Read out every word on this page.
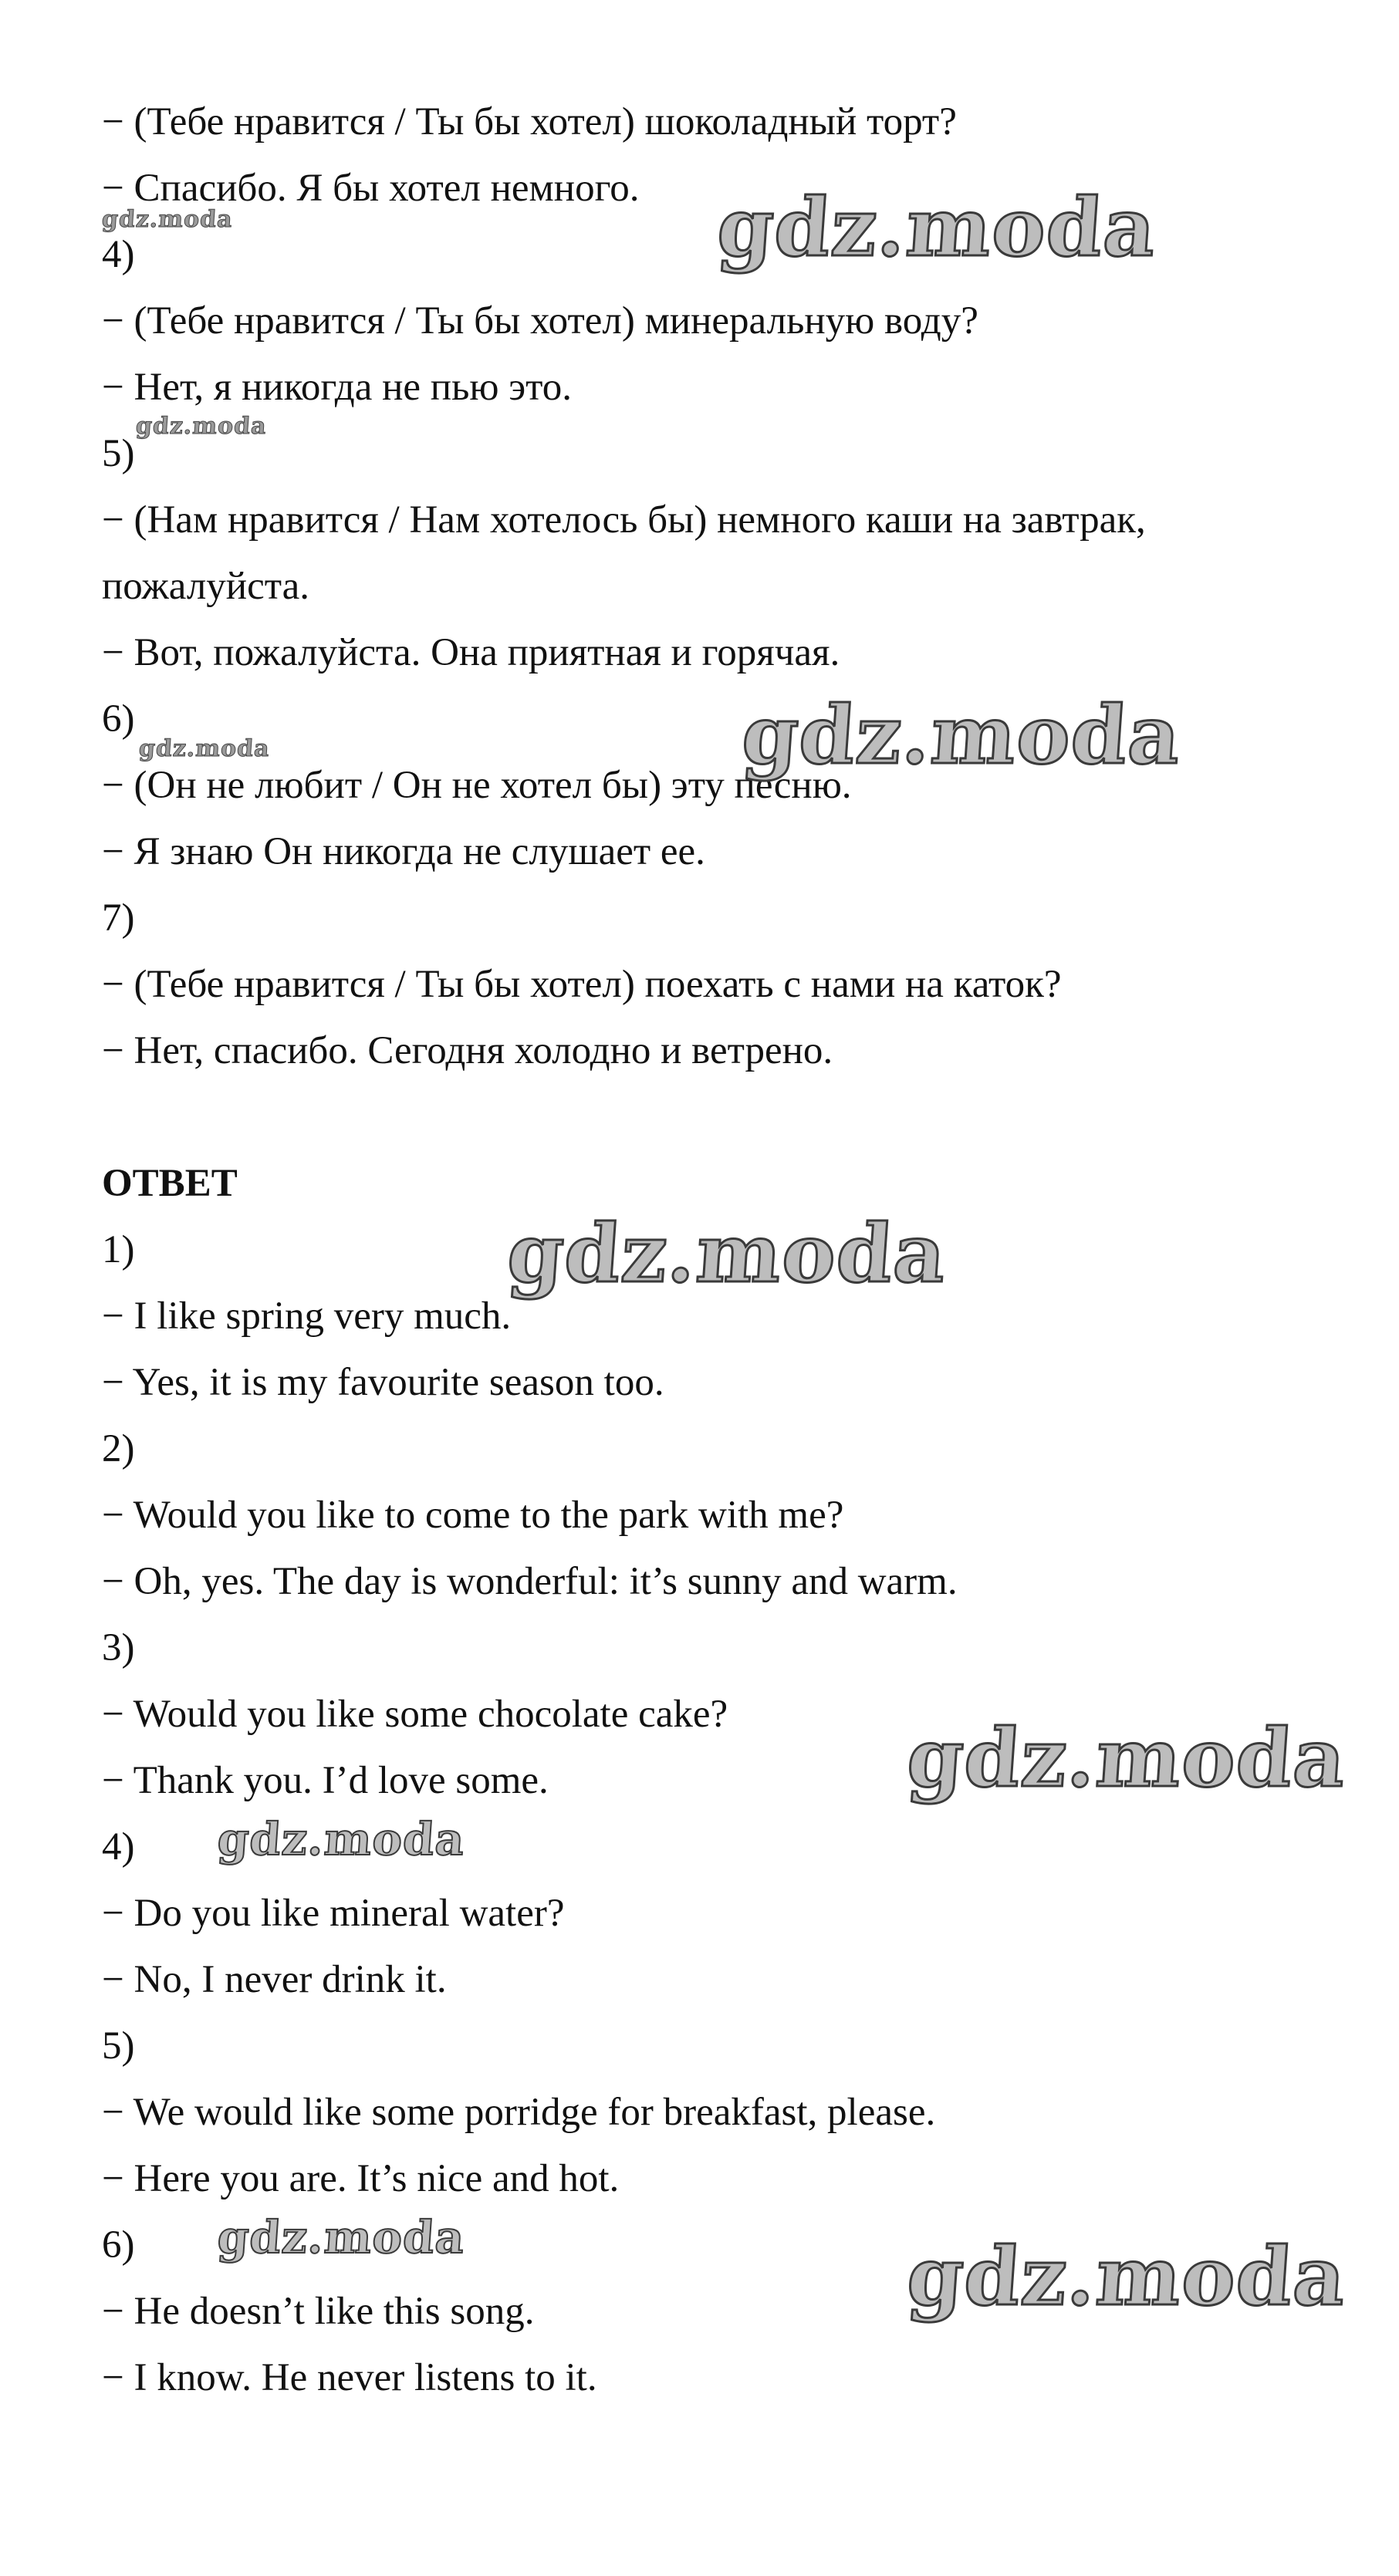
− (Тебе нравится / Ты бы хотел) шоколадный торт?
− Спасибо. Я бы хотел немного.
4)
− (Тебе нравится / Ты бы хотел) минеральную воду?
− Нет, я никогда не пью это.
5)
− (Нам нравится / Нам хотелось бы) немного каши на завтрак,
пожалуйста.
− Вот, пожалуйста. Она приятная и горячая.
6)
− (Он не любит / Он не хотел бы) эту песню.
− Я знаю Он никогда не слушает ее.
7)
− (Тебе нравится / Ты бы хотел) поехать с нами на каток?
− Нет, спасибо. Сегодня холодно и ветрено.
ОТВЕТ
1)
− I like spring very much.
− Yes, it is my favourite season too.
2)
− Would you like to come to the park with me?
− Oh, yes. The day is wonderful: it’s sunny and warm.
3)
− Would you like some chocolate cake?
− Thank you. I’d love some.
4)
− Do you like mineral water?
− No, I never drink it.
5)
− We would like some porridge for breakfast, please.
− Here you are. It’s nice and hot.
6)
− He doesn’t like this song.
− I know. He never listens to it.
gdz.moda	gdz.moda
gdz.moda
gdz.moda	gdz.moda
gdz.moda
gdz.moda
gdz.moda
gdz.moda	gdz.moda
